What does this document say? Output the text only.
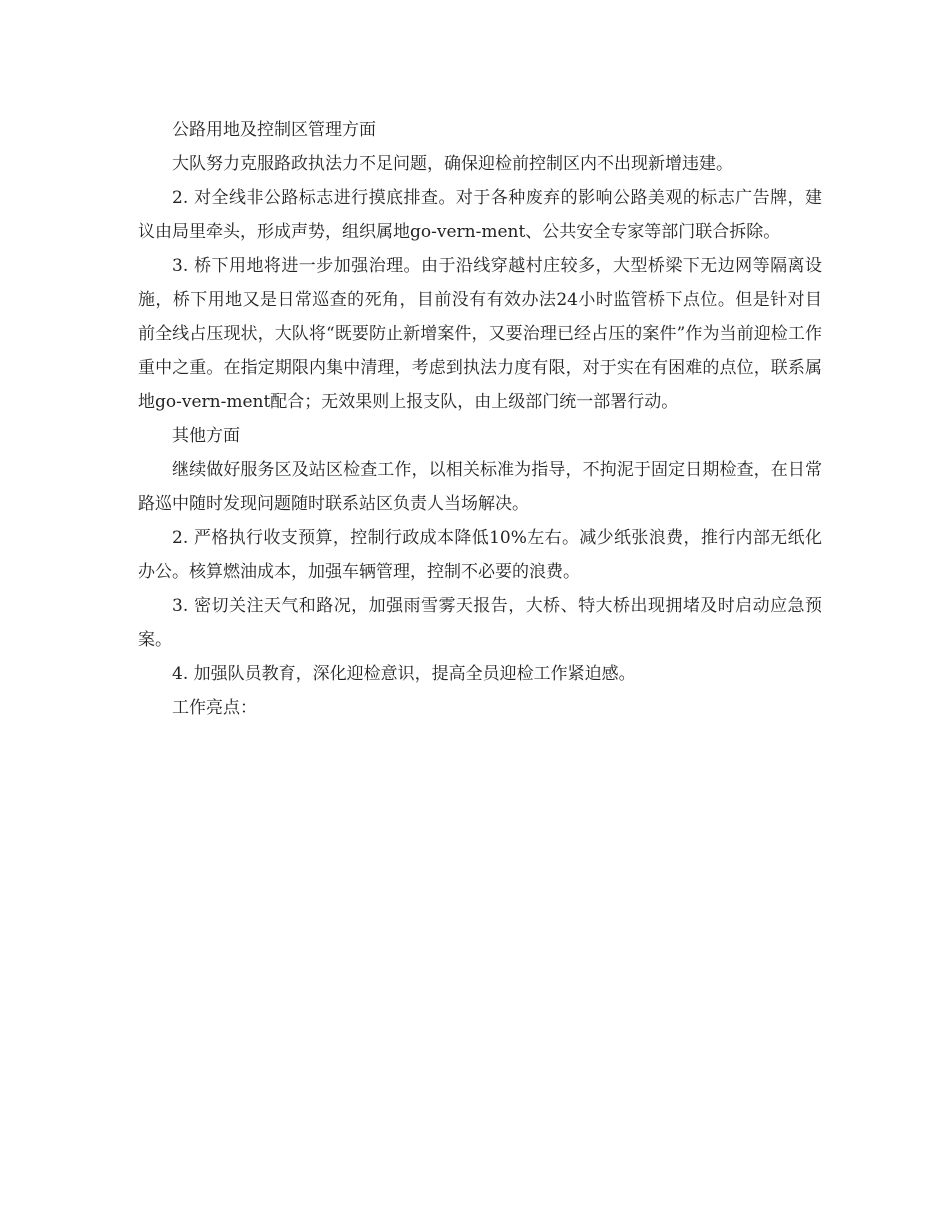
公路用地及控制区管理方面

大队努力克服路政执法力不足问题，确保迎检前控制区内不出现新增违建。

2. 对全线非公路标志进行摸底排查。对于各种废弃的影响公路美观的标志广告牌，建议由局里牵头，形成声势，组织属地go-vern-ment、公共安全专家等部门联合拆除。

3. 桥下用地将进一步加强治理。由于沿线穿越村庄较多，大型桥梁下无边网等隔离设施，桥下用地又是日常巡查的死角，目前没有有效办法24小时监管桥下点位。但是针对目前全线占压现状，大队将“既要防止新增案件，又要治理已经占压的案件”作为当前迎检工作重中之重。在指定期限内集中清理，考虑到执法力度有限，对于实在有困难的点位，联系属地go-vern-ment配合；无效果则上报支队，由上级部门统一部署行动。

其他方面

继续做好服务区及站区检查工作，以相关标准为指导，不拘泥于固定日期检查，在日常路巡中随时发现问题随时联系站区负责人当场解决。

2. 严格执行收支预算，控制行政成本降低10%左右。减少纸张浪费，推行内部无纸化办公。核算燃油成本，加强车辆管理，控制不必要的浪费。

3. 密切关注天气和路况，加强雨雪雾天报告，大桥、特大桥出现拥堵及时启动应急预案。

4. 加强队员教育，深化迎检意识，提高全员迎检工作紧迫感。

工作亮点：
